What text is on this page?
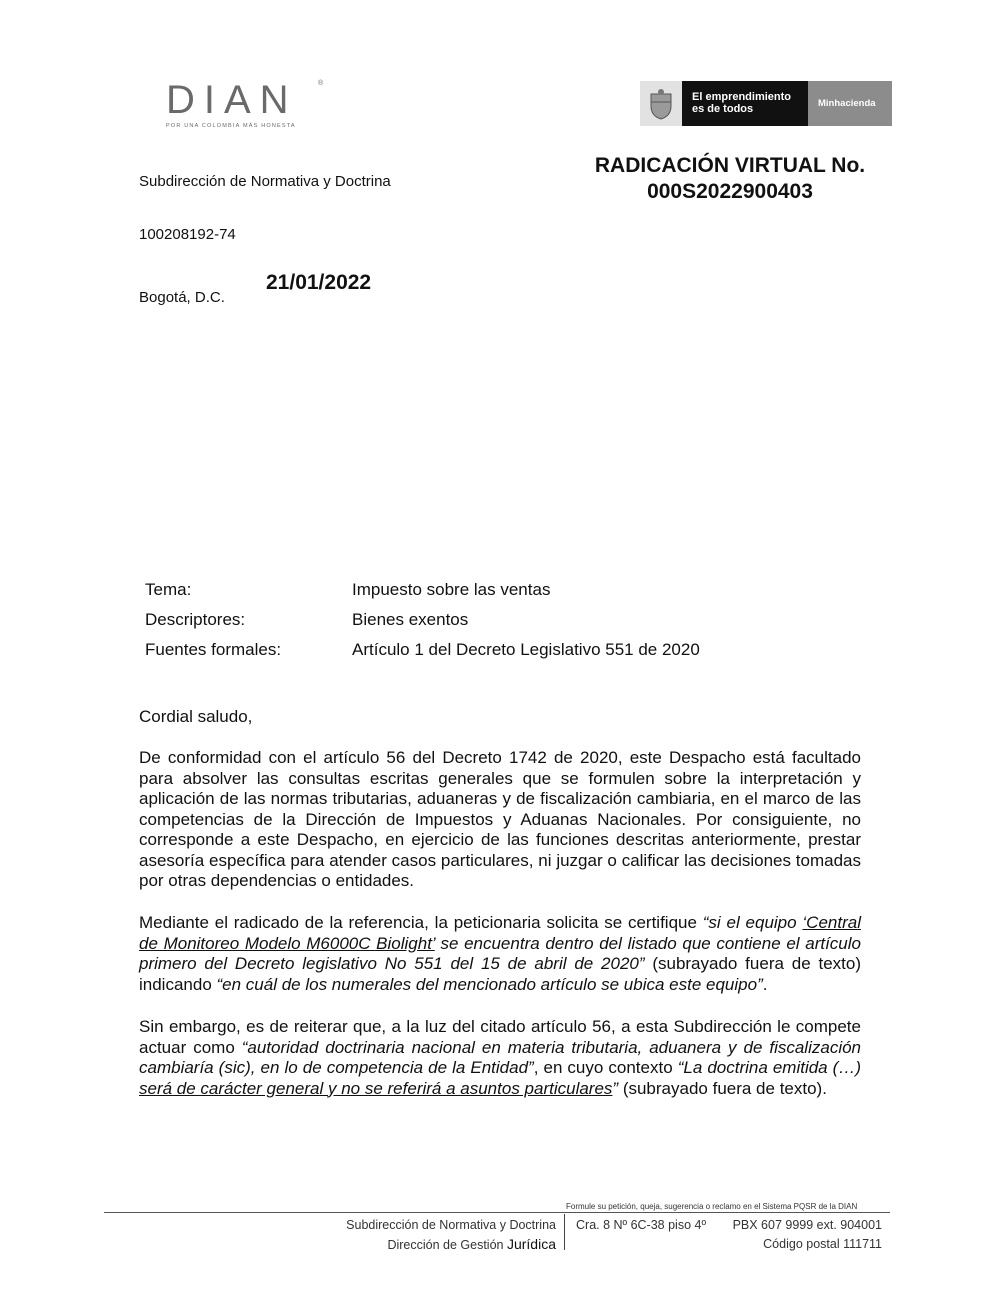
DIAN	®
POR UNA COLOMBIA MÁS HONESTA
El emprendimiento
es de todos	Minhacienda
Subdirección de Normativa y Doctrina
RADICACIÓN VIRTUAL No.
000S2022900403
100208192-74
Bogotá, D.C.
21/01/2022
Tema:	Impuesto sobre las ventas
Descriptores:	Bienes exentos
Fuentes formales:	Artículo 1 del Decreto Legislativo 551 de 2020
Cordial saludo,

De conformidad con el artículo 56 del Decreto 1742 de 2020, este Despacho está facultado para absolver las consultas escritas generales que se formulen sobre la interpretación y aplicación de las normas tributarias, aduaneras y de fiscalización cambiaria, en el marco de las competencias de la Dirección de Impuestos y Aduanas Nacionales. Por consiguiente, no corresponde a este Despacho, en ejercicio de las funciones descritas anteriormente, prestar asesoría específica para atender casos particulares, ni juzgar o calificar las decisiones tomadas por otras dependencias o entidades.

Mediante el radicado de la referencia, la peticionaria solicita se certifique “si el equipo ‘Central de Monitoreo Modelo M6000C Biolight’ se encuentra dentro del listado que contiene el artículo primero del Decreto legislativo No 551 del 15 de abril de 2020” (subrayado fuera de texto) indicando “en cuál de los numerales del mencionado artículo se ubica este equipo”.

Sin embargo, es de reiterar que, a la luz del citado artículo 56, a esta Subdirección le compete actuar como “autoridad doctrinaria nacional en materia tributaria, aduanera y de fiscalización cambiaría (sic), en lo de competencia de la Entidad”, en cuyo contexto “La doctrina emitida (…) será de carácter general y no se referirá a asuntos particulares” (subrayado fuera de texto).

Formule su petición, queja, sugerencia o reclamo en el Sistema PQSR de la DIAN
Subdirección de Normativa y Doctrina
Dirección de Gestión Jurídica
Cra. 8 Nº 6C-38 piso 4º PBX 607 9999 ext. 904001
Código postal 111711
